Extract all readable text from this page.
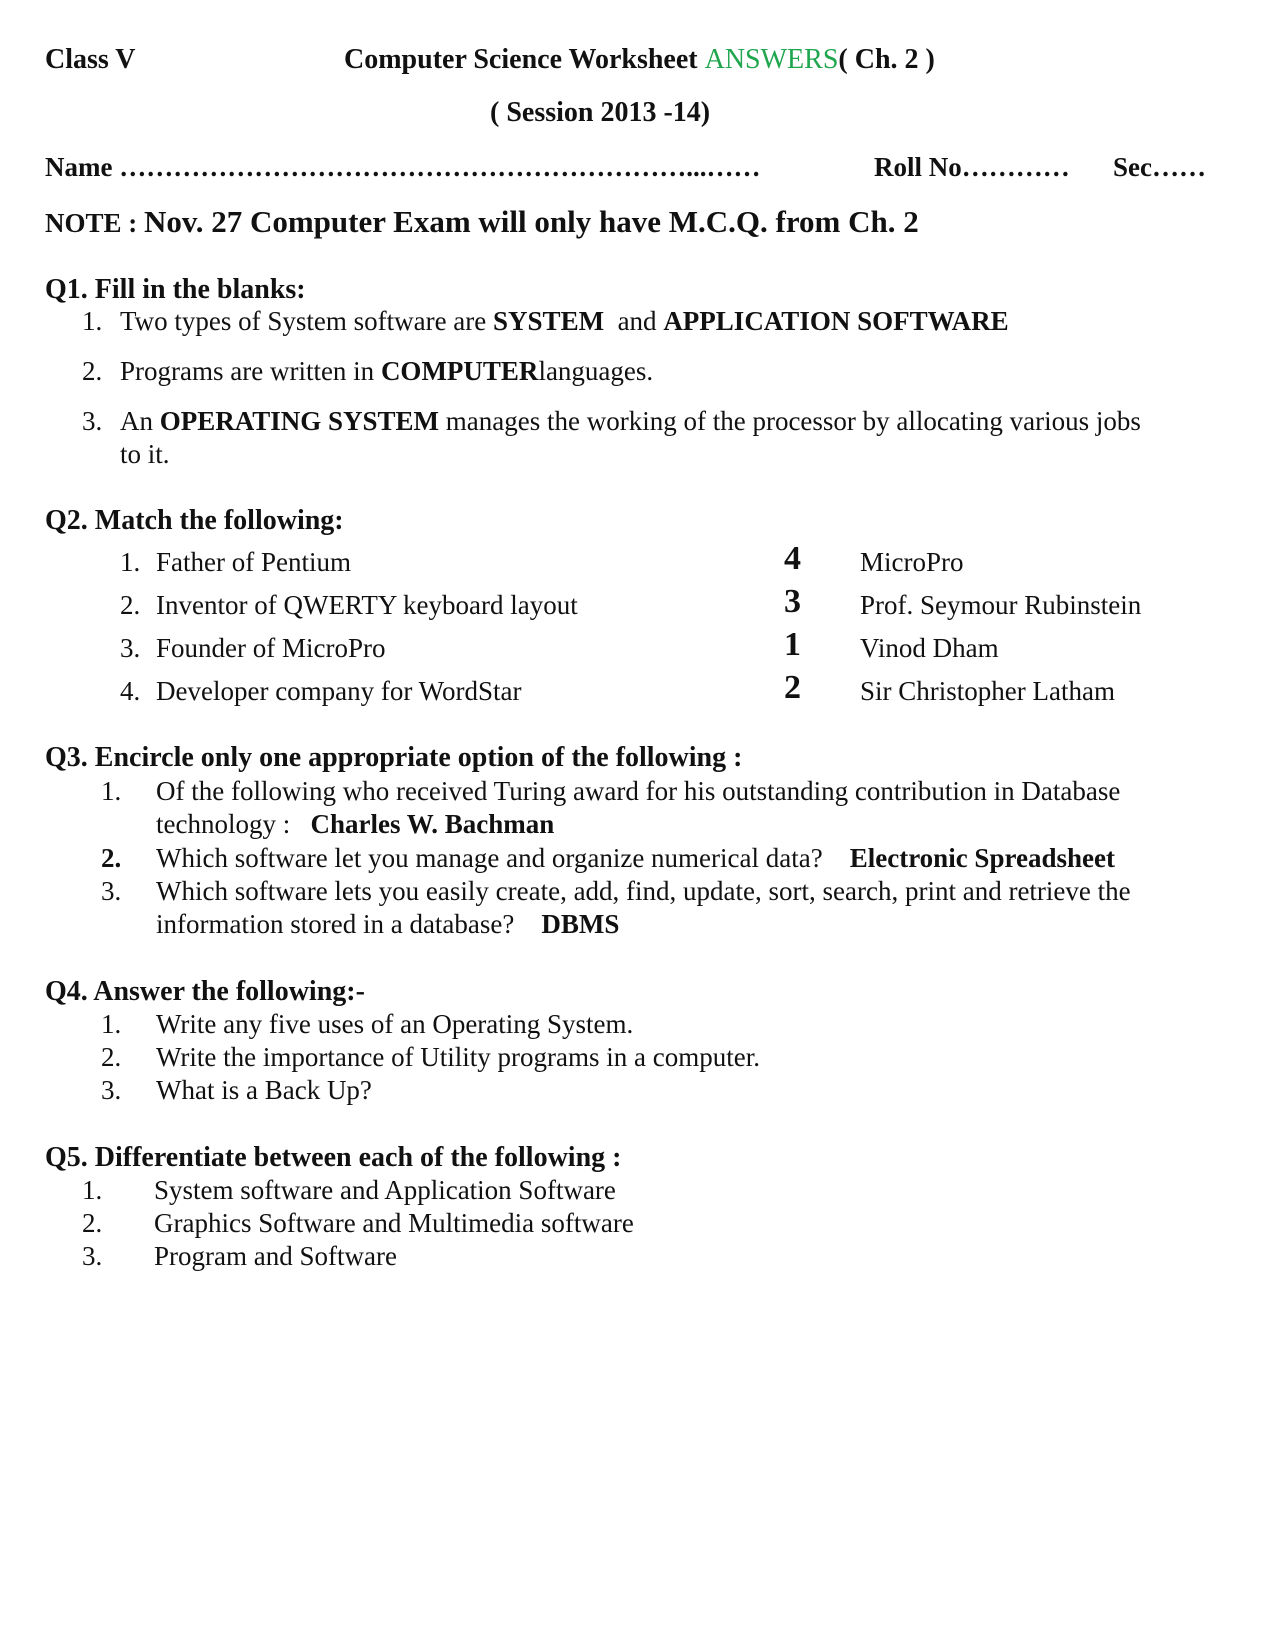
Class V	Computer Science Worksheet ANSWERS( Ch. 2 )
( Session 2013 -14)
Name ………………………………………………………...……	Roll No………… Sec……
NOTE : Nov. 27 Computer Exam will only have M.C.Q. from Ch. 2
Q1. Fill in the blanks:
1. Two types of System software are SYSTEM  and APPLICATION SOFTWARE
2. Programs are written in COMPUTERlanguages.
3. An OPERATING SYSTEM manages the working of the processor by allocating various jobs
to it.
Q2. Match the following:
1. Father of Pentium	4 MicroPro
2. Inventor of QWERTY keyboard layout	3 Prof. Seymour Rubinstein
3. Founder of MicroPro	1 Vinod Dham
4. Developer company for WordStar	2 Sir Christopher Latham
Q3. Encircle only one appropriate option of the following :
1. Of the following who received Turing award for his outstanding contribution in Database
technology :   Charles W. Bachman
2. Which software let you manage and organize numerical data?    Electronic Spreadsheet
3. Which software lets you easily create, add, find, update, sort, search, print and retrieve the
information stored in a database?    DBMS
Q4. Answer the following:-
1. Write any five uses of an Operating System.
2. Write the importance of Utility programs in a computer.
3. What is a Back Up?
Q5. Differentiate between each of the following :
1. System software and Application Software
2. Graphics Software and Multimedia software
3. Program and Software
